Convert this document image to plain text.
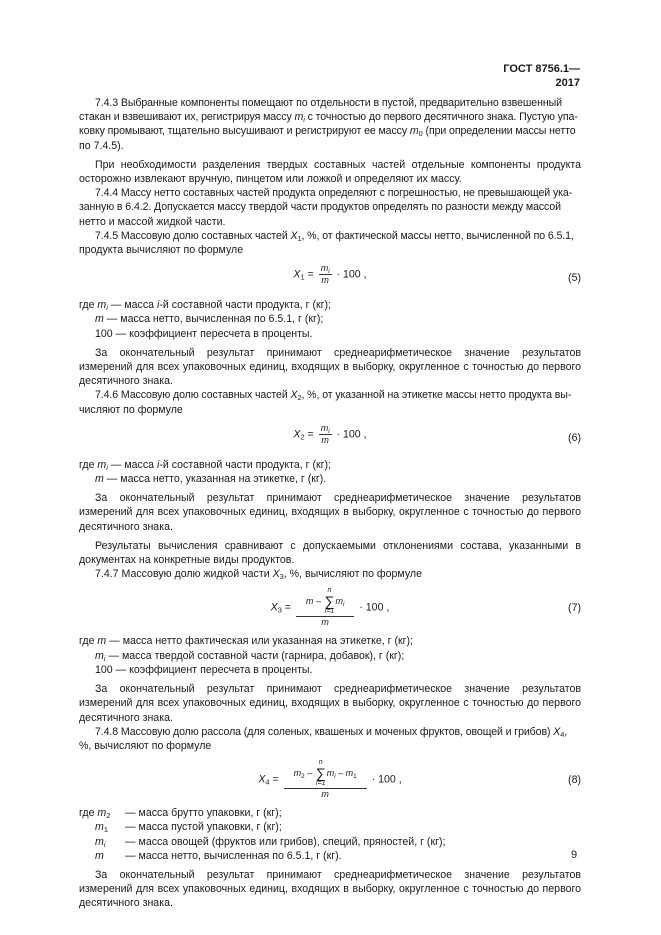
ГОСТ 8756.1—2017

7.4.3 Выбранные компоненты помещают по отдельности в пустой, предварительно взвешенный

стакан и взвешивают их, регистрируя массу $m_i$ с точностью до первого десятичного знака. Пустую упа-

ковку промывают, тщательно высушивают и регистрируют ее массу $m_0$ (при определении массы нетто

по 7.4.5).

При необходимости разделения твердых составных частей отдельные компоненты продукта осторожно извлекают вручную, пинцетом или ложкой и определяют их массу.

7.4.4 Массу нетто составных частей продукта определяют с погрешностью, не превышающей ука-

занную в 6.4.2. Допускается массу твердой части продуктов определять по разности между массой

нетто и массой жидкой части.

7.4.5 Массовую долю составных частей $X_1$, %, от фактической массы нетто, вычисленной по 6.5.1,

продукта вычисляют по формуле

$X_1 = \frac{m_i}{m} \cdot 100$ ,	(5)

где $m_i$ — масса i-й составной части продукта, г (кг);

m — масса нетто, вычисленная по 6.5.1, г (кг);

100 — коэффициент пересчета в проценты.

За окончательный результат принимают среднеарифметическое значение результатов измерений для всех упаковочных единиц, входящих в выборку, округленное с точностью до первого десятичного знака.

7.4.6 Массовую долю составных частей $X_2$, %, от указанной на этикетке массы нетто продукта вы-

числяют по формуле

$X_2 = \frac{m_i}{m} \cdot 100$ ,	(6)

где $m_i$ — масса i-й составной части продукта, г (кг);

m — масса нетто, указанная на этикетке, г (кг).

За окончательный результат принимают среднеарифметическое значение результатов измерений для всех упаковочных единиц, входящих в выборку, округленное с точностью до первого десятичного знака.

Результаты вычисления сравнивают с допускаемыми отклонениями состава, указанными в документах на конкретные виды продуктов.

7.4.7 Массовую долю жидкой части $X_3$, %, вычисляют по формуле

$X_3 = m - n$
∑
$i=1m_i$
m · 100 ,	(7)

где m — масса нетто фактическая или указанная на этикетке, г (кг);

$m_i$ — масса твердой составной части (гарнира, добавок), г (кг);

100 — коэффициент пересчета в проценты.

За окончательный результат принимают среднеарифметическое значение результатов измерений для всех упаковочных единиц, входящих в выборку, округленное с точностью до первого десятичного знака.

7.4.8 Массовую долю рассола (для соленых, квашеных и моченых фруктов, овощей и грибов) $X_4$,

%, вычисляют по формуле

$X_4 = m_2 - n$
∑
$i=1m_i - m_1$
m · 100 ,	(8)
где $m_2$	— масса брутто упаковки, г (кг);
$m_1$	— масса пустой упаковки, г (кг);
$m_i$	— масса овощей (фруктов или грибов), специй, пряностей, г (кг);
m	— масса нетто, вычисленная по 6.5.1, г (кг).

За окончательный результат принимают среднеарифметическое значение результатов измерений для всех упаковочных единиц, входящих в выборку, округленное с точностью до первого десятичного знака.

9
